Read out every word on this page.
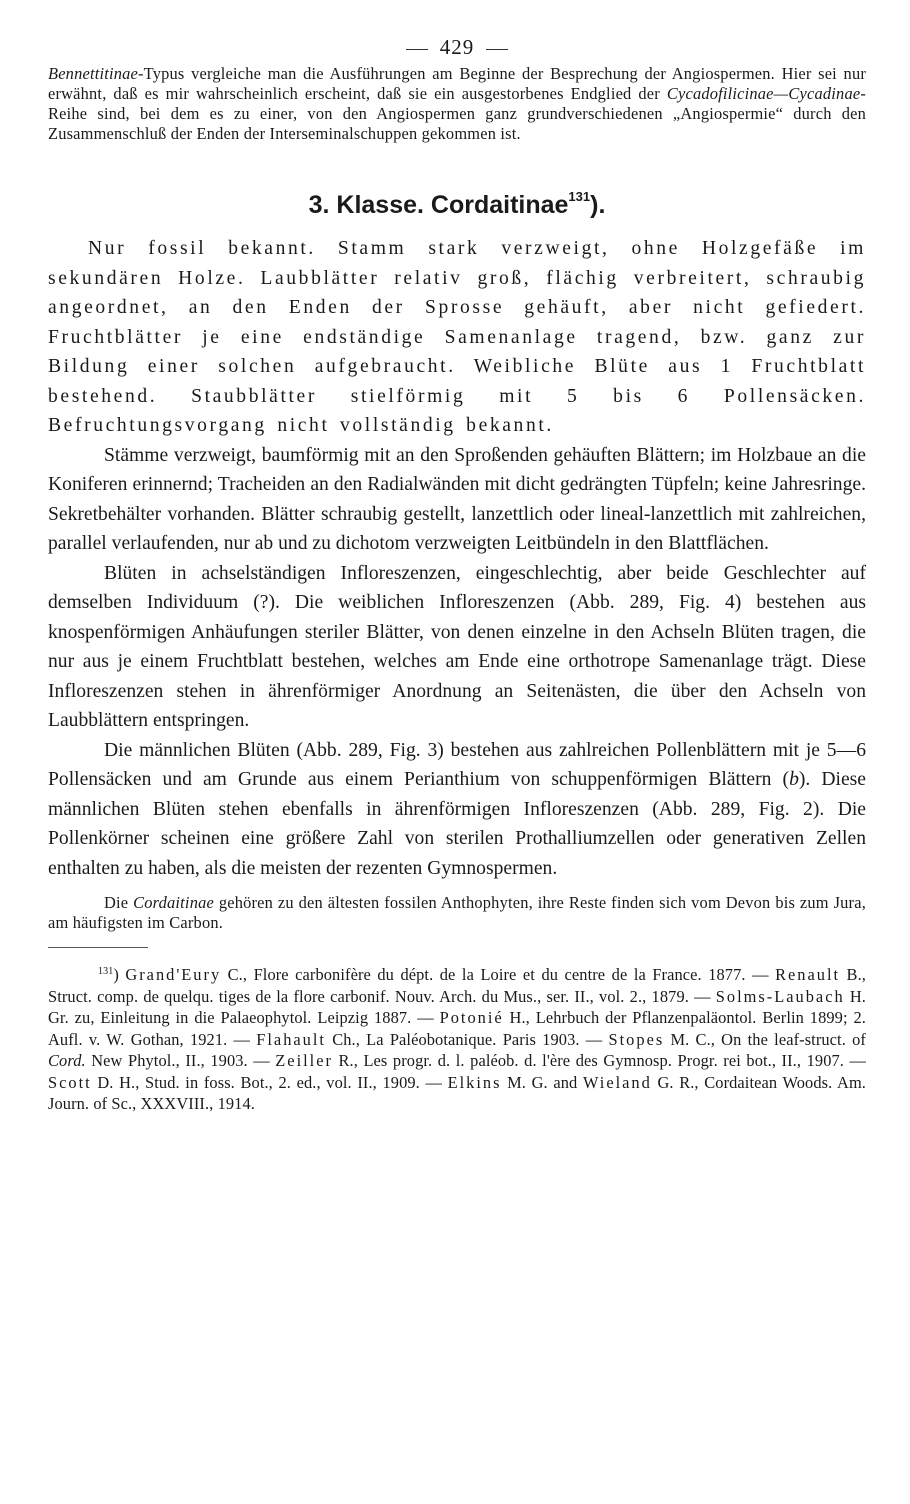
429

Bennettitinae-Typus vergleiche man die Ausführungen am Beginne der Besprechung der Angiospermen. Hier sei nur erwähnt, daß es mir wahrscheinlich erscheint, daß sie ein ausgestorbenes Endglied der Cycadofilicinae—Cycadinae-Reihe sind, bei dem es zu einer, von den Angiospermen ganz grundverschiedenen „Angiospermie“ durch den Zusammenschluß der Enden der Interseminalschuppen gekommen ist.

3. Klasse. Cordaitinae$^{131}$).

Nur fossil bekannt. Stamm stark verzweigt, ohne Holzgefäße im sekundären Holze. Laubblätter relativ groß, flächig verbreitert, schraubig angeordnet, an den Enden der Sprosse gehäuft, aber nicht gefiedert. Fruchtblätter je eine endständige Samenanlage tragend, bzw. ganz zur Bildung einer solchen aufgebraucht. Weibliche Blüte aus 1 Fruchtblatt bestehend. Staubblätter stielförmig mit 5 bis 6 Pollensäcken. Befruchtungsvorgang nicht vollständig bekannt.

Stämme verzweigt, baumförmig mit an den Sproßenden gehäuften Blättern; im Holzbaue an die Koniferen erinnernd; Tracheiden an den Radialwänden mit dicht gedrängten Tüpfeln; keine Jahresringe. Sekretbehälter vorhanden. Blätter schraubig gestellt, lanzettlich oder lineal-lanzettlich mit zahlreichen, parallel verlaufenden, nur ab und zu dichotom verzweigten Leitbündeln in den Blattflächen.

Blüten in achselständigen Infloreszenzen, eingeschlechtig, aber beide Geschlechter auf demselben Individuum (?). Die weiblichen Infloreszenzen (Abb. 289, Fig. 4) bestehen aus knospenförmigen Anhäufungen steriler Blätter, von denen einzelne in den Achseln Blüten tragen, die nur aus je einem Fruchtblatt bestehen, welches am Ende eine orthotrope Samenanlage trägt. Diese Infloreszenzen stehen in ährenförmiger Anordnung an Seitenästen, die über den Achseln von Laubblättern entspringen.

Die männlichen Blüten (Abb. 289, Fig. 3) bestehen aus zahlreichen Pollenblättern mit je 5—6 Pollensäcken und am Grunde aus einem Perianthium von schuppenförmigen Blättern (b). Diese männlichen Blüten stehen ebenfalls in ährenförmigen Infloreszenzen (Abb. 289, Fig. 2). Die Pollenkörner scheinen eine größere Zahl von sterilen Prothalliumzellen oder generativen Zellen enthalten zu haben, als die meisten der rezenten Gymnospermen.

Die Cordaitinae gehören zu den ältesten fossilen Anthophyten, ihre Reste finden sich vom Devon bis zum Jura, am häufigsten im Carbon.

$^{131}$) Grand'Eury C., Flore carbonifère du dépt. de la Loire et du centre de la France. 1877. — Renault B., Struct. comp. de quelqu. tiges de la flore carbonif. Nouv. Arch. du Mus., ser. II., vol. 2., 1879. — Solms-Laubach H. Gr. zu, Einleitung in die Palaeophytol. Leipzig 1887. — Potonié H., Lehrbuch der Pflanzenpaläontol. Berlin 1899; 2. Aufl. v. W. Gothan, 1921. — Flahault Ch., La Paléobotanique. Paris 1903. — Stopes M. C., On the leaf-struct. of Cord. New Phytol., II., 1903. — Zeiller R., Les progr. d. l. paléob. d. l'ère des Gymnosp. Progr. rei bot., II., 1907. — Scott D. H., Stud. in foss. Bot., 2. ed., vol. II., 1909. — Elkins M. G. and Wieland G. R., Cordaitean Woods. Am. Journ. of Sc., XXXVIII., 1914.
